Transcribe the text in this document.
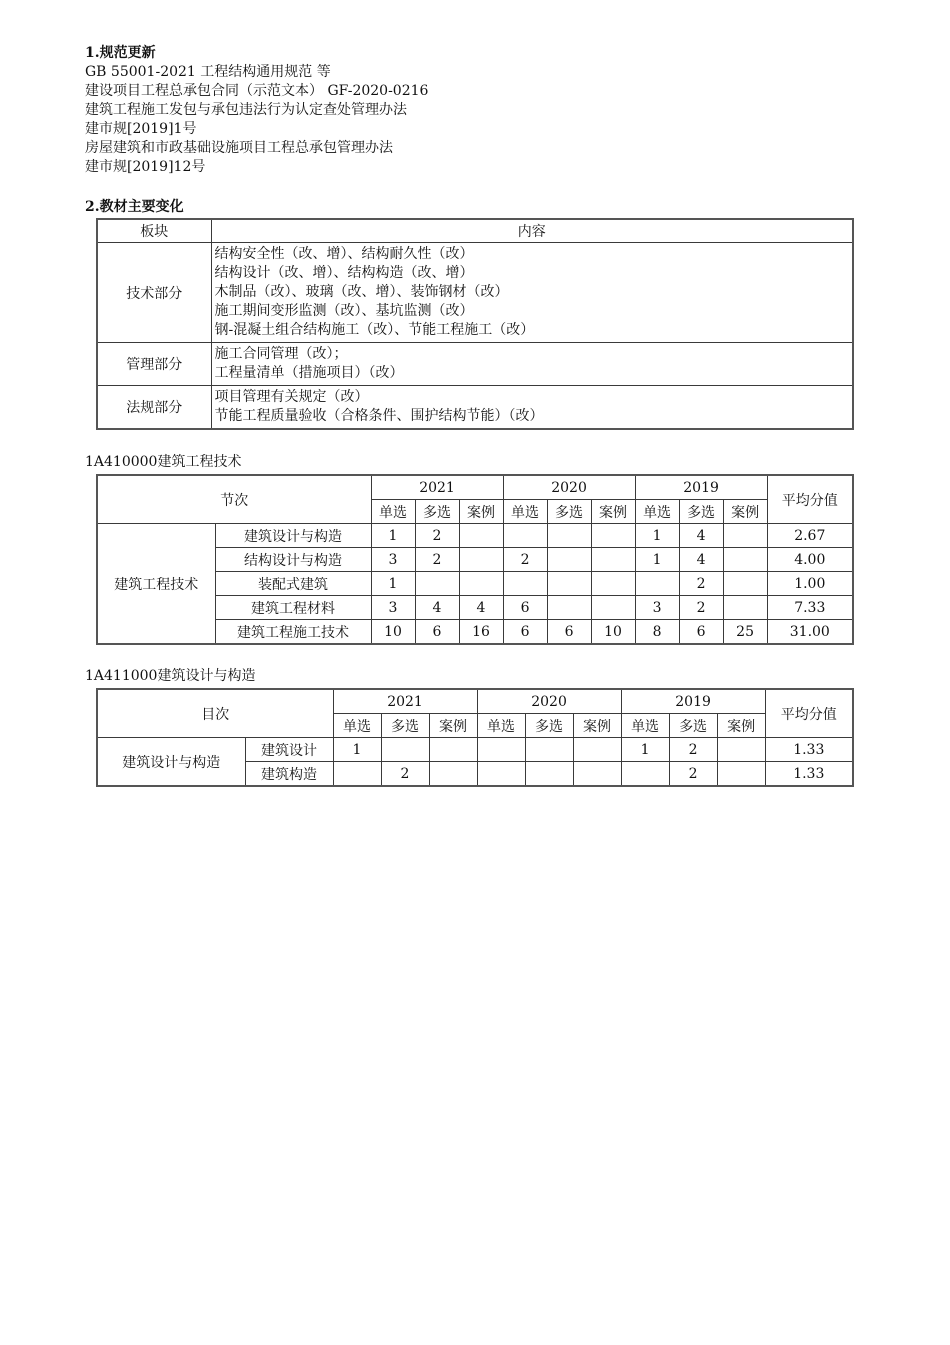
1.规范更新
GB 55001-2021 工程结构通用规范 等
建设项目工程总承包合同（示范文本） GF-2020-0216
建筑工程施工发包与承包违法行为认定查处管理办法
建市规[2019]1号
房屋建筑和市政基础设施项目工程总承包管理办法
建市规[2019]12号
2.教材主要变化
板块	内容
技术部分	结构安全性（改、增）、结构耐久性（改）
结构设计（改、增）、结构构造（改、增）
木制品（改）、玻璃（改、增）、装饰钢材（改）
施工期间变形监测（改）、基坑监测（改）
钢-混凝土组合结构施工（改）、节能工程施工（改）

管理部分	施工合同管理（改）；
工程量清单（措施项目）（改）

法规部分	项目管理有关规定（改）
节能工程质量验收（合格条件、围护结构节能）（改）
1A410000建筑工程技术
节次		2021			2020			2019			平均分值
		单选	多选	案例	单选	多选	案例	单选	多选	案例	
建筑工程技术	建筑设计与构造	1	2					1	4		2.67
	结构设计与构造	3	2		2			1	4		4.00
	装配式建筑	1							2		1.00
	建筑工程材料	3	4	4	6			3	2		7.33
	建筑工程施工技术	10	6	16	6	6	10	8	6	25	31.00
1A411000建筑设计与构造
目次		2021			2020			2019			平均分值
		单选	多选	案例	单选	多选	案例	单选	多选	案例	
建筑设计与构造	建筑设计	1						1	2		1.33
	建筑构造		2						2		1.33
